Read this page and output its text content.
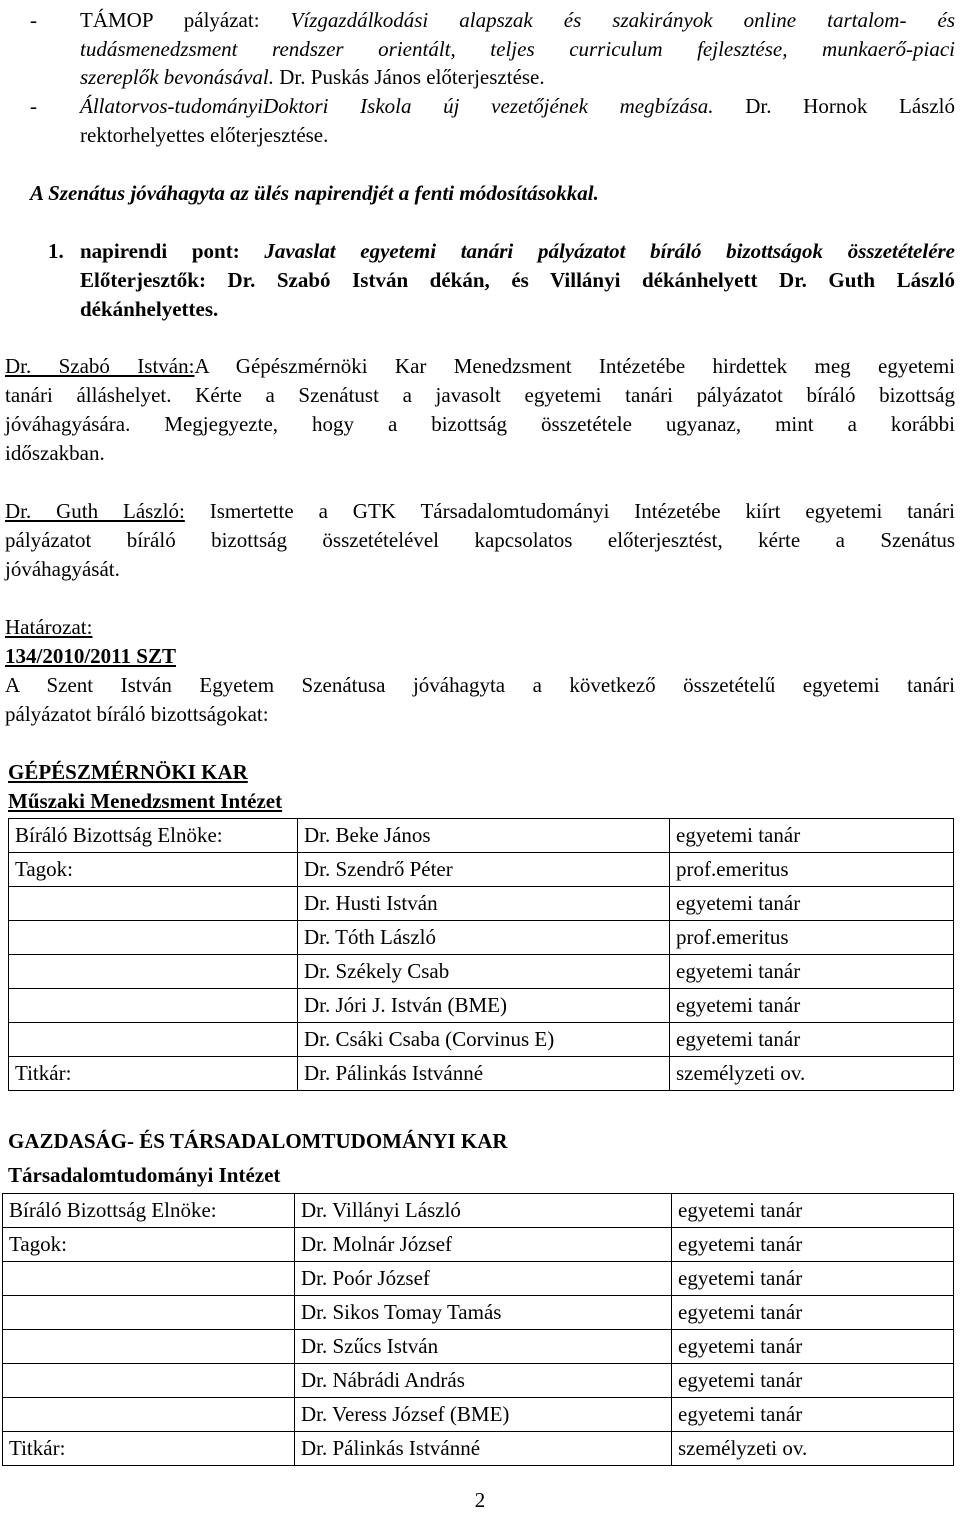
- TÁMOP pályázat: Vízgazdálkodási alapszak és szakirányok online tartalom- és
tudásmenedzsment rendszer orientált, teljes curriculum fejlesztése, munkaerő-piaci
szereplők bevonásával. Dr. Puskás János előterjesztése.
- Állatorvos-tudományiDoktori Iskola új vezetőjének megbízása. Dr. Hornok László
rektorhelyettes előterjesztése.
A Szenátus jóváhagyta az ülés napirendjét a fenti módosításokkal.
1. napirendi pont: Javaslat egyetemi tanári pályázatot bíráló bizottságok összetételére
Előterjesztők: Dr. Szabó István dékán, és Villányi dékánhelyett Dr. Guth László
dékánhelyettes.
Dr. Szabó István:A Gépészmérnöki Kar Menedzsment Intézetébe hirdettek meg egyetemi
tanári álláshelyet. Kérte a Szenátust a javasolt egyetemi tanári pályázatot bíráló bizottság
jóváhagyására. Megjegyezte, hogy a bizottság összetétele ugyanaz, mint a korábbi
időszakban.
Dr. Guth László: Ismertette a GTK Társadalomtudományi Intézetébe kiírt egyetemi tanári
pályázatot bíráló bizottság összetételével kapcsolatos előterjesztést, kérte a Szenátus
jóváhagyását.
Határozat:
134/2010/2011 SZT
A Szent István Egyetem Szenátusa jóváhagyta a következő összetételű egyetemi tanári
pályázatot bíráló bizottságokat:
GÉPÉSZMÉRNÖKI KAR
Műszaki Menedzsment Intézet
Bíráló Bizottság Elnöke:	Dr. Beke János	egyetemi tanár
Tagok:	Dr. Szendrő Péter	prof.emeritus
	Dr. Husti István	egyetemi tanár
	Dr. Tóth László	prof.emeritus
	Dr. Székely Csab	egyetemi tanár
	Dr. Jóri J. István (BME)	egyetemi tanár
	Dr. Csáki Csaba (Corvinus E)	egyetemi tanár
Titkár:	Dr. Pálinkás Istvánné	személyzeti ov.
GAZDASÁG- ÉS TÁRSADALOMTUDOMÁNYI KAR
Társadalomtudományi Intézet
Bíráló Bizottság Elnöke:	Dr. Villányi László	egyetemi tanár
Tagok:	Dr. Molnár József	egyetemi tanár
	Dr. Poór József	egyetemi tanár
	Dr. Sikos Tomay Tamás	egyetemi tanár
	Dr. Szűcs István	egyetemi tanár
	Dr. Nábrádi András	egyetemi tanár
	Dr. Veress József (BME)	egyetemi tanár
Titkár:	Dr. Pálinkás Istvánné	személyzeti ov.
2
